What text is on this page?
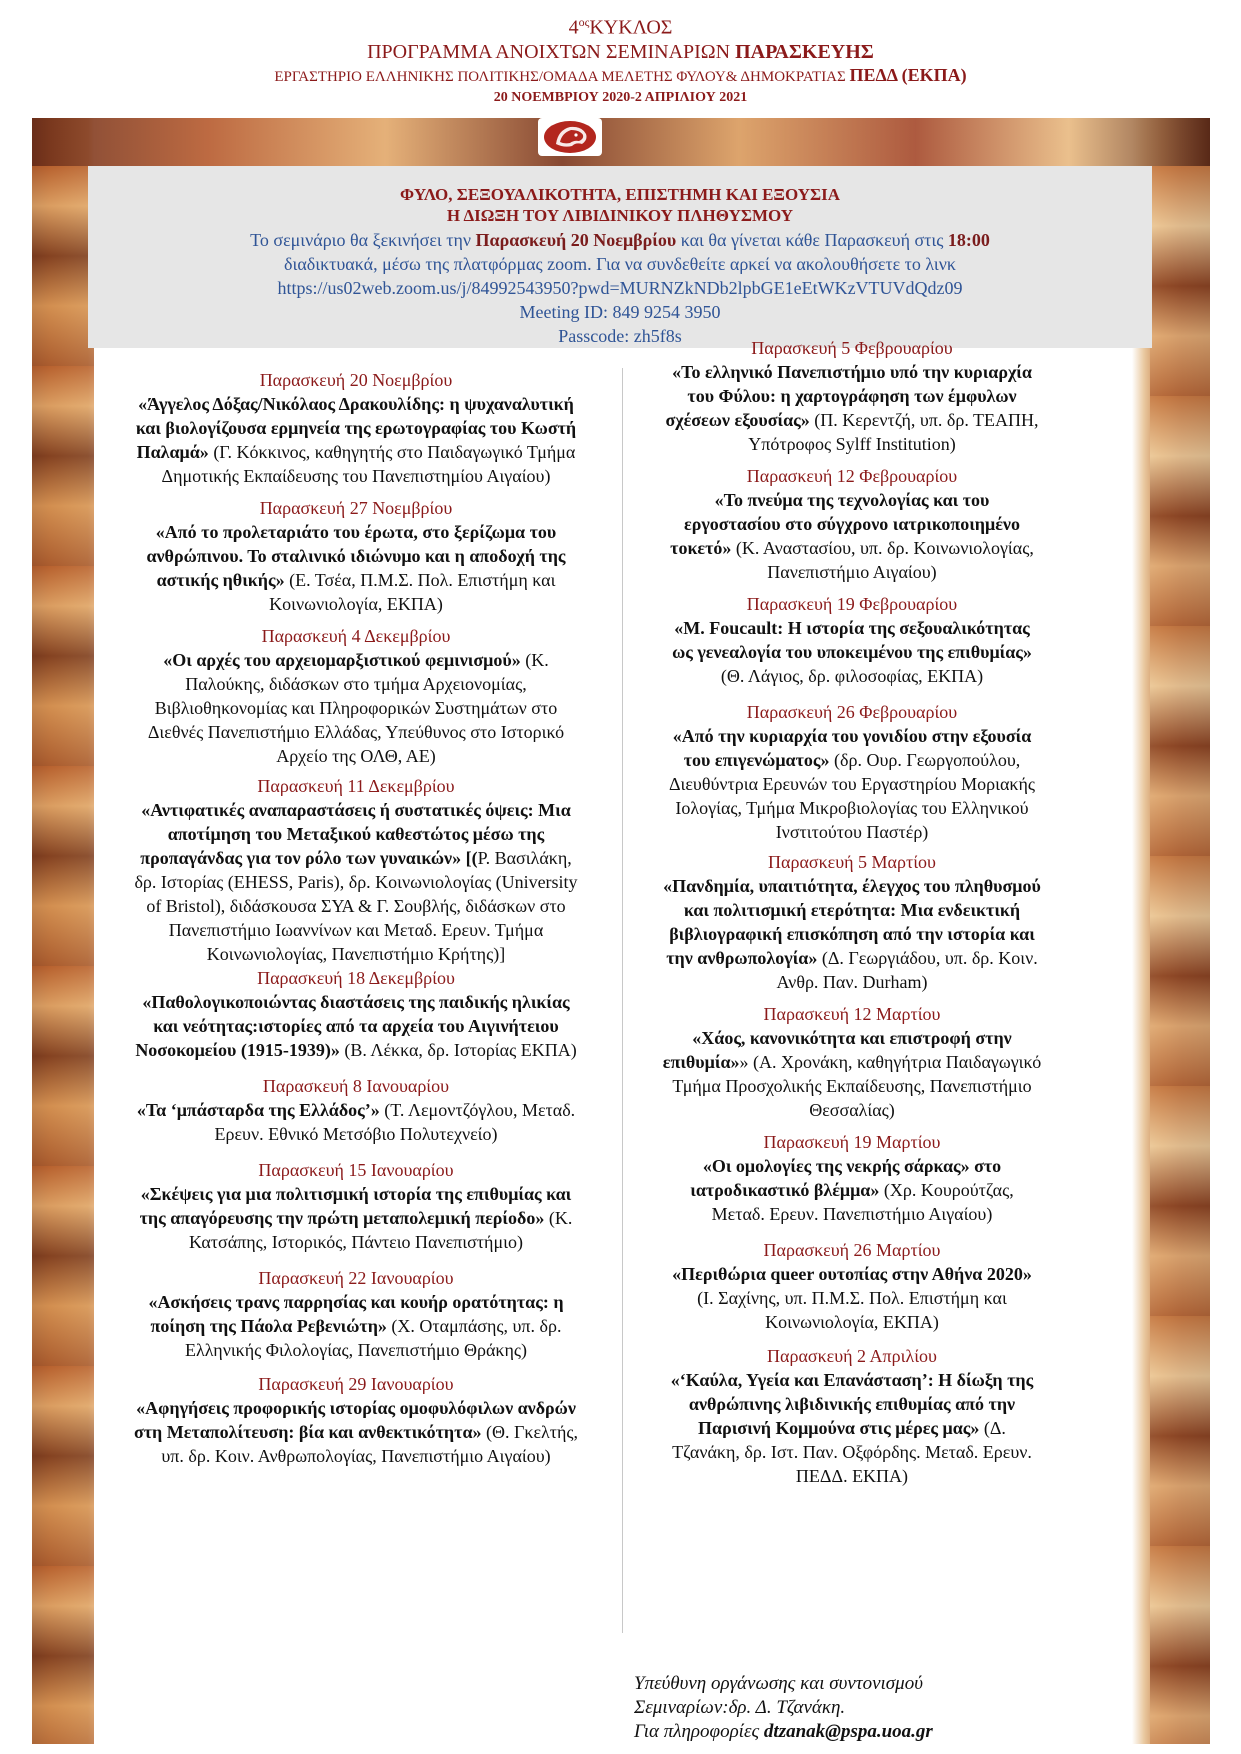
$4^{o\varsigma}K\Upsilon K\Lambda O\Sigma$
ΠΡΟΓΡΑΜΜΑ ΑΝΟΙΧΤΩΝ ΣΕΜΙΝΑΡΙΩΝ ΠΑΡΑΣΚΕΥΗΣ
ΕΡΓΑΣΤΗΡΙΟ ΕΛΛΗΝΙΚΗΣ ΠΟΛΙΤΙΚΗΣ/ΟΜΑΔΑ ΜΕΛΕΤΗΣ ΦΥΛΟΥ& ΔΗΜΟΚΡΑΤΙΑΣ ΠΕΔΔ (ΕΚΠΑ)
20 ΝΟΕΜΒΡΙΟΥ 2020-2 ΑΠΡΙΛΙΟΥ 2021
ΦΥΛΟ, ΣΕΞΟΥΑΛΙΚΟΤΗΤΑ, ΕΠΙΣΤΗΜΗ ΚΑΙ ΕΞΟΥΣΙΑ
Η ΔΙΩΞΗ ΤΟΥ ΛΙΒΙΔΙΝΙΚΟΥ ΠΛΗΘΥΣΜΟΥ
Το σεμινάριο θα ξεκινήσει την Παρασκευή 20 Νοεμβρίου και θα γίνεται κάθε Παρασκευή στις 18:00
διαδικτυακά, μέσω της πλατφόρμας zoom. Για να συνδεθείτε αρκεί να ακολουθήσετε το λινκ
https://us02web.zoom.us/j/84992543950?pwd=MURNZkNDb2lpbGE1eEtWKzVTUVdQdz09
Meeting ID: 849 9254 3950
Passcode: zh5f8s
Παρασκευή 20 Νοεμβρίου
«Άγγελος Δόξας/Νικόλαος Δρακουλίδης: η ψυχαναλυτική
και βιολογίζουσα ερμηνεία της ερωτογραφίας του Κωστή
Παλαμά» (Γ. Κόκκινος, καθηγητής στο Παιδαγωγικό Τμήμα
Δημοτικής Εκπαίδευσης του Πανεπιστημίου Αιγαίου)
Παρασκευή 27 Νοεμβρίου
«Από το προλεταριάτο του έρωτα, στο ξερίζωμα του
ανθρώπινου. Το σταλινικό ιδιώνυμο και η αποδοχή της
αστικής ηθικής» (Ε. Τσέα, Π.Μ.Σ. Πολ. Επιστήμη και
Κοινωνιολογία, ΕΚΠΑ)
Παρασκευή 4 Δεκεμβρίου
«Οι αρχές του αρχειομαρξιστικού φεμινισμού» (Κ.
Παλούκης, διδάσκων στο τμήμα Αρχειονομίας,
Βιβλιοθηκονομίας και Πληροφορικών Συστημάτων στο
Διεθνές Πανεπιστήμιο Ελλάδας, Υπεύθυνος στο Ιστορικό
Αρχείο της ΟΛΘ, ΑΕ)
Παρασκευή 11 Δεκεμβρίου
«Αντιφατικές αναπαραστάσεις ή συστατικές όψεις: Μια
αποτίμηση του Μεταξικού καθεστώτος μέσω της
προπαγάνδας για τον ρόλο των γυναικών» [(Ρ. Βασιλάκη,
δρ. Ιστορίας (EHESS, Paris), δρ. Κοινωνιολογίας (University
of Bristol), διδάσκουσα ΣΥΑ & Γ. Σουβλής, διδάσκων στο
Πανεπιστήμιο Ιωαννίνων και Μεταδ. Ερευν. Τμήμα
Κοινωνιολογίας, Πανεπιστήμιο Κρήτης)]
Παρασκευή 18 Δεκεμβρίου
«Παθολογικοποιώντας διαστάσεις της παιδικής ηλικίας
και νεότητας:ιστορίες από τα αρχεία του Αιγινήτειου
Νοσοκομείου (1915-1939)» (Β. Λέκκα, δρ. Ιστορίας ΕΚΠΑ)
Παρασκευή 8 Ιανουαρίου
«Τα ‘μπάσταρδα της Ελλάδος’» (Τ. Λεμοντζόγλου, Μεταδ.
Ερευν. Εθνικό Μετσόβιο Πολυτεχνείο)
Παρασκευή 15 Ιανουαρίου
«Σκέψεις για μια πολιτισμική ιστορία της επιθυμίας και
της απαγόρευσης την πρώτη μεταπολεμική περίοδο» (Κ.
Κατσάπης, Ιστορικός, Πάντειο Πανεπιστήμιο)
Παρασκευή 22 Ιανουαρίου
«Ασκήσεις τρανς παρρησίας και κουήρ ορατότητας: η
ποίηση της Πάολα Ρεβενιώτη» (Χ. Οταμπάσης, υπ. δρ.
Ελληνικής Φιλολογίας, Πανεπιστήμιο Θράκης)
Παρασκευή 29 Ιανουαρίου
«Αφηγήσεις προφορικής ιστορίας ομοφυλόφιλων ανδρών
στη Μεταπολίτευση: βία και ανθεκτικότητα» (Θ. Γκελτής,
υπ. δρ. Κοιν. Ανθρωπολογίας, Πανεπιστήμιο Αιγαίου)
Παρασκευή 5 Φεβρουαρίου
«Το ελληνικό Πανεπιστήμιο υπό την κυριαρχία
του Φύλου: η χαρτογράφηση των έμφυλων
σχέσεων εξουσίας» (Π. Κερεντζή, υπ. δρ. ΤΕΑΠΗ,
Υπότροφος Sylff Institution)
Παρασκευή 12 Φεβρουαρίου
«Το πνεύμα της τεχνολογίας και του
εργοστασίου στο σύγχρονο ιατρικοποιημένο
τοκετό» (Κ. Αναστασίου, υπ. δρ. Κοινωνιολογίας,
Πανεπιστήμιο Αιγαίου)
Παρασκευή 19 Φεβρουαρίου
«M. Foucault: Η ιστορία της σεξουαλικότητας
ως γενεαλογία του υποκειμένου της επιθυμίας»
(Θ. Λάγιος, δρ. φιλοσοφίας, ΕΚΠΑ)
Παρασκευή 26 Φεβρουαρίου
«Από την κυριαρχία του γονιδίου στην εξουσία
του επιγενώματος» (δρ. Ουρ. Γεωργοπούλου,
Διευθύντρια Ερευνών του Εργαστηρίου Μοριακής
Ιολογίας, Τμήμα Μικροβιολογίας του Ελληνικού
Ινστιτούτου Παστέρ)
Παρασκευή 5 Μαρτίου
«Πανδημία, υπαιτιότητα, έλεγχος του πληθυσμού
και πολιτισμική ετερότητα: Μια ενδεικτική
βιβλιογραφική επισκόπηση από την ιστορία και
την ανθρωπολογία» (Δ. Γεωργιάδου, υπ. δρ. Κοιν.
Ανθρ. Παν. Durham)
Παρασκευή 12 Μαρτίου
«Χάος, κανονικότητα και επιστροφή στην
επιθυμία»» (Α. Χρονάκη, καθηγήτρια Παιδαγωγικό
Τμήμα Προσχολικής Εκπαίδευσης, Πανεπιστήμιο
Θεσσαλίας)
Παρασκευή 19 Μαρτίου
«Οι ομολογίες της νεκρής σάρκας» στο
ιατροδικαστικό βλέμμα» (Χρ. Κουρούτζας,
Μεταδ. Ερευν. Πανεπιστήμιο Αιγαίου)
Παρασκευή 26 Μαρτίου
«Περιθώρια queer ουτοπίας στην Αθήνα 2020»
(Ι. Σαχίνης, υπ. Π.Μ.Σ. Πολ. Επιστήμη και
Κοινωνιολογία, ΕΚΠΑ)
Παρασκευή 2 Απριλίου
«‘Καύλα, Υγεία και Επανάσταση’: Η δίωξη της
ανθρώπινης λιβιδινικής επιθυμίας από την
Παρισινή Κομμούνα στις μέρες μας» (Δ.
Τζανάκη, δρ. Ιστ. Παν. Οξφόρδης. Μεταδ. Ερευν.
ΠΕΔΔ. ΕΚΠΑ)
Υπεύθυνη οργάνωσης και συντονισμού
Σεμιναρίων:δρ. Δ. Τζανάκη.
Για πληροφορίες dtzanak@pspa.uoa.gr
